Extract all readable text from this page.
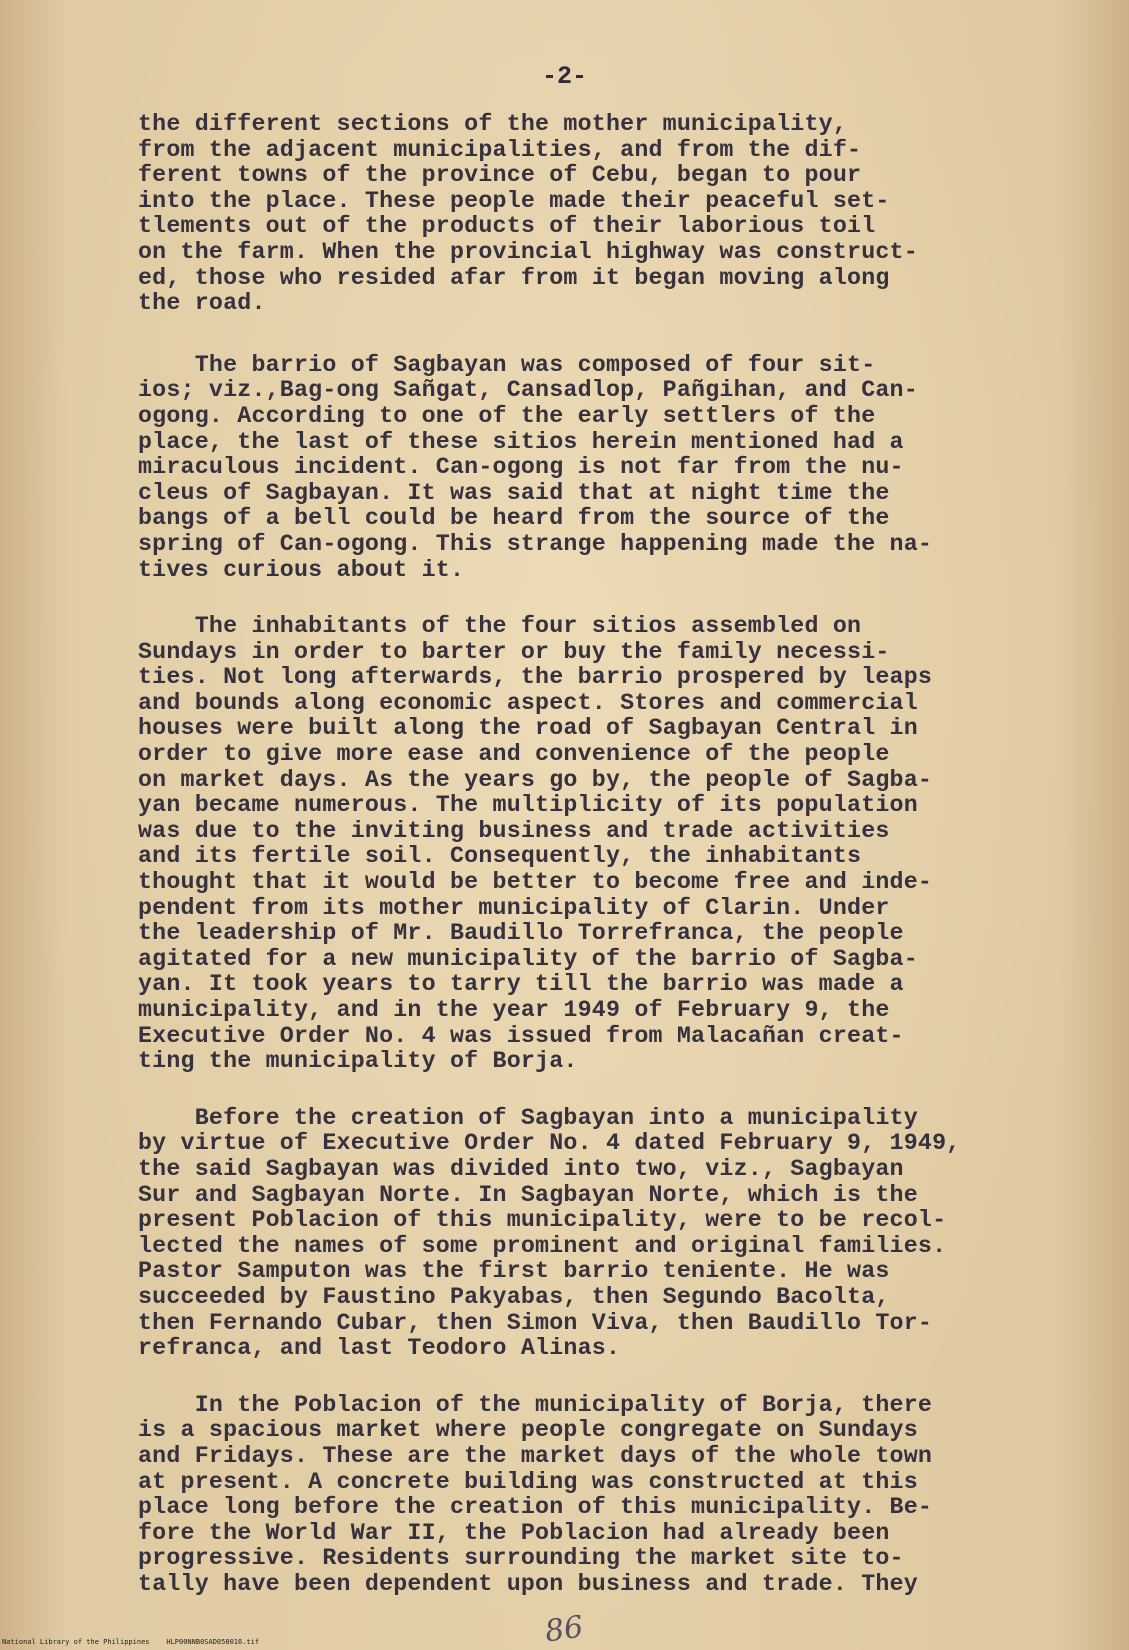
-2-
the different sections of the mother municipality,
from the adjacent municipalities, and from the dif-
ferent towns of the province of Cebu, began to pour
into the place. These people made their peaceful set-
tlements out of the products of their laborious toil
on the farm. When the provincial highway was construct-
ed, those who resided afar from it began moving along
the road.
The barrio of Sagbayan was composed of four sit-
ios; viz.,Bag-ong Sañgat, Cansadlop, Pañgihan, and Can-
ogong. According to one of the early settlers of the
place, the last of these sitios herein mentioned had a
miraculous incident. Can-ogong is not far from the nu-
cleus of Sagbayan. It was said that at night time the
bangs of a bell could be heard from the source of the
spring of Can-ogong. This strange happening made the na-
tives curious about it.
The inhabitants of the four sitios assembled on
Sundays in order to barter or buy the family necessi-
ties. Not long afterwards, the barrio prospered by leaps
and bounds along economic aspect. Stores and commercial
houses were built along the road of Sagbayan Central in
order to give more ease and convenience of the people
on market days. As the years go by, the people of Sagba-
yan became numerous. The multiplicity of its population
was due to the inviting business and trade activities
and its fertile soil. Consequently, the inhabitants
thought that it would be better to become free and inde-
pendent from its mother municipality of Clarin. Under
the leadership of Mr. Baudillo Torrefranca, the people
agitated for a new municipality of the barrio of Sagba-
yan. It took years to tarry till the barrio was made a
municipality, and in the year 1949 of February 9, the
Executive Order No. 4 was issued from Malacañan creat-
ting the municipality of Borja.
Before the creation of Sagbayan into a municipality
by virtue of Executive Order No. 4 dated February 9, 1949,
the said Sagbayan was divided into two, viz., Sagbayan
Sur and Sagbayan Norte. In Sagbayan Norte, which is the
present Poblacion of this municipality, were to be recol-
lected the names of some prominent and original families.
Pastor Samputon was the first barrio teniente. He was
succeeded by Faustino Pakyabas, then Segundo Bacolta,
then Fernando Cubar, then Simon Viva, then Baudillo Tor-
refranca, and last Teodoro Alinas.
In the Poblacion of the municipality of Borja, there
is a spacious market where people congregate on Sundays
and Fridays. These are the market days of the whole town
at present. A concrete building was constructed at this
place long before the creation of this municipality. Be-
fore the World War II, the Poblacion had already been
progressive. Residents surrounding the market site to-
tally have been dependent upon business and trade. They
86
National Library of the Philippines    HLP00NNB0SAD058016.tif
